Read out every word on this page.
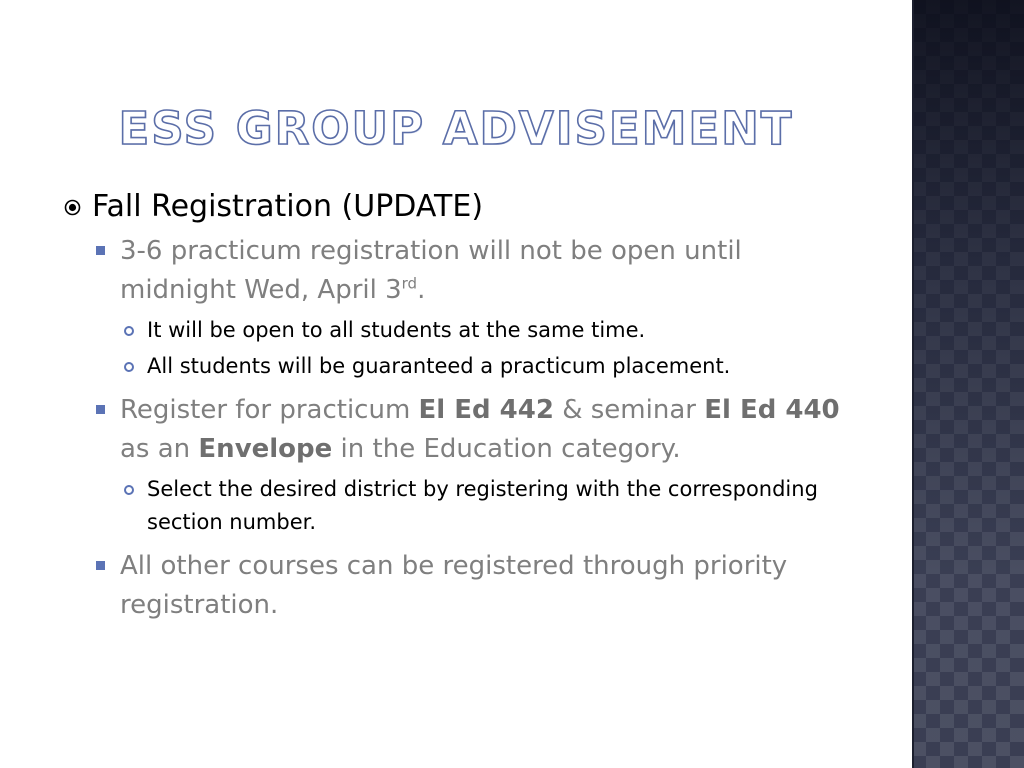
ESS GROUP ADVISEMENT
Fall Registration (UPDATE)
3-6 practicum registration will not be open until midnight Wed, April 3rd.
It will be open to all students at the same time.
All students will be guaranteed a practicum placement.
Register for practicum El Ed 442 & seminar El Ed 440 as an Envelope in the Education category.
Select the desired district by registering with the corresponding section number.
All other courses can be registered through priority registration.
